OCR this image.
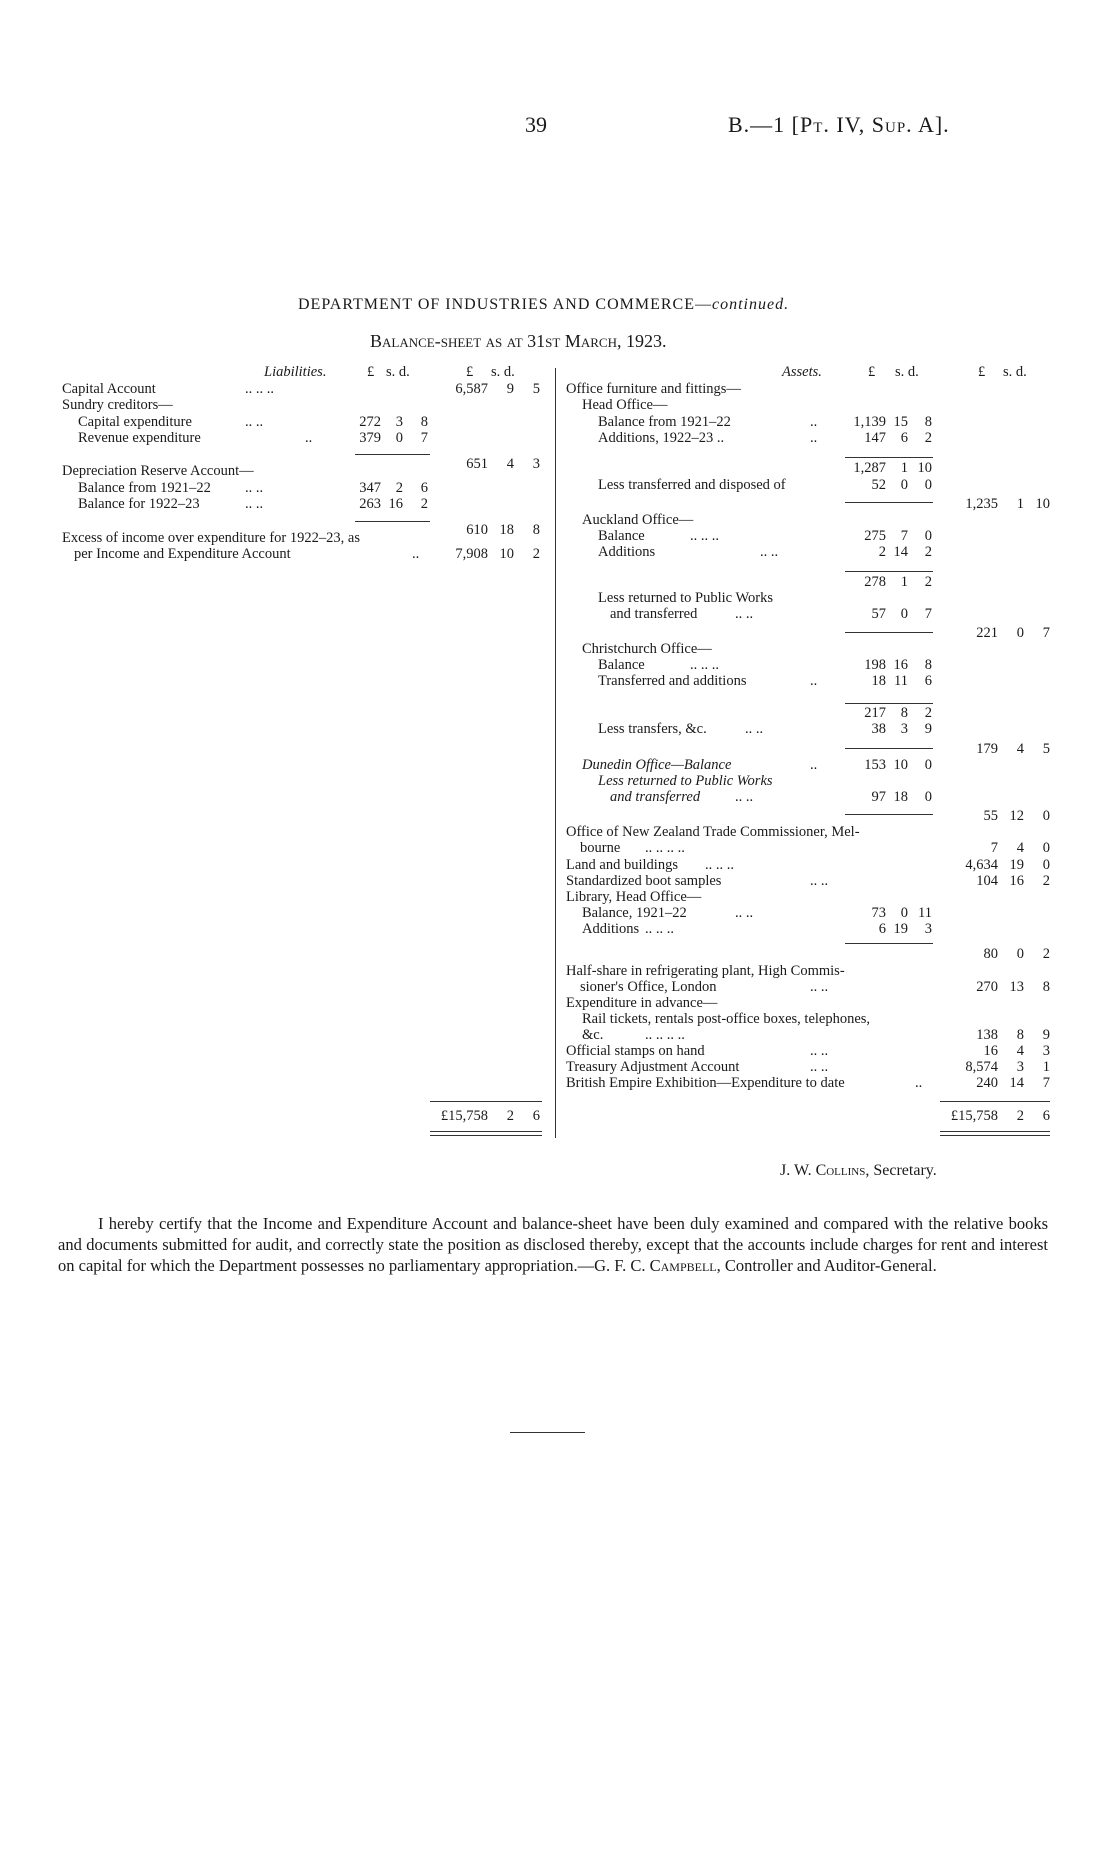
39	B.—1 [Pt. IV, Sup. A].
DEPARTMENT OF INDUSTRIES AND COMMERCE—continued.
Balance-sheet as at 31st March, 1923.
Liabilities.	£ s. d.	£ s. d.
Capital Account	.. .. ..	6,587	9	5
Sundry creditors—
Capital expenditure	.. ..	272	3	8
Revenue expenditure	..	379	0	7
651	4	3
Depreciation Reserve Account—
Balance from 1921–22 .. ..	347	2	6
Balance for 1922–23	.. ..	263 16	2
610 18	8
Excess of income over expenditure for 1922–23, as
per Income and Expenditure Account	..	7,908 10	2
£15,758	2	6
Assets.	£ s. d.	£ s. d.
Office furniture and fittings—
Head Office—
Balance from 1921–22	..	1,139 15	8
Additions, 1922–23 ..	..	147	6	2
1,287	1 10
Less transferred and disposed of	52	0	0
1,235	1 10
Auckland Office—
Balance	.. .. ..	275	7	0
Additions	.. ..	2 14	2
278	1	2
Less returned to Public Works
and transferred	.. ..	57	0	7
221	0	7
Christchurch Office—
Balance	.. .. ..	198 16	8
Transferred and additions	..	18 11	6
217	8	2
Less transfers, &c.	.. ..	38	3	9
179	4	5
Dunedin Office—Balance	..	153 10	0
Less returned to Public Works
and transferred .. ..	97 18	0
55 12	0
Office of New Zealand Trade Commissioner, Mel-
bourne .. .. .. ..	7	4	0
Land and buildings .. .. ..	4,634 19	0
Standardized boot samples	.. ..	104 16	2
Library, Head Office—
Balance, 1921–22	.. ..	73	0 11
Additions .. .. ..	6 19	3
80	0	2
Half-share in refrigerating plant, High Commis-
sioner's Office, London	.. ..	270 13	8
Expenditure in advance—
Rail tickets, rentals post-office boxes, telephones,
&c.	.. .. .. ..	138	8	9
Official stamps on hand	.. ..	16	4	3
Treasury Adjustment Account	.. ..	8,574	3	1
British Empire Exhibition—Expenditure to date	..	240 14	7
£15,758	2	6
J. W. Collins, Secretary.
I hereby certify that the Income and Expenditure Account and balance-sheet have been duly examined and compared with the relative books and documents submitted for audit, and correctly state the position as disclosed thereby, except that the accounts include charges for rent and interest on capital for which the Department possesses no parliamentary appropriation.—G. F. C. Campbell, Controller and Auditor-General.
